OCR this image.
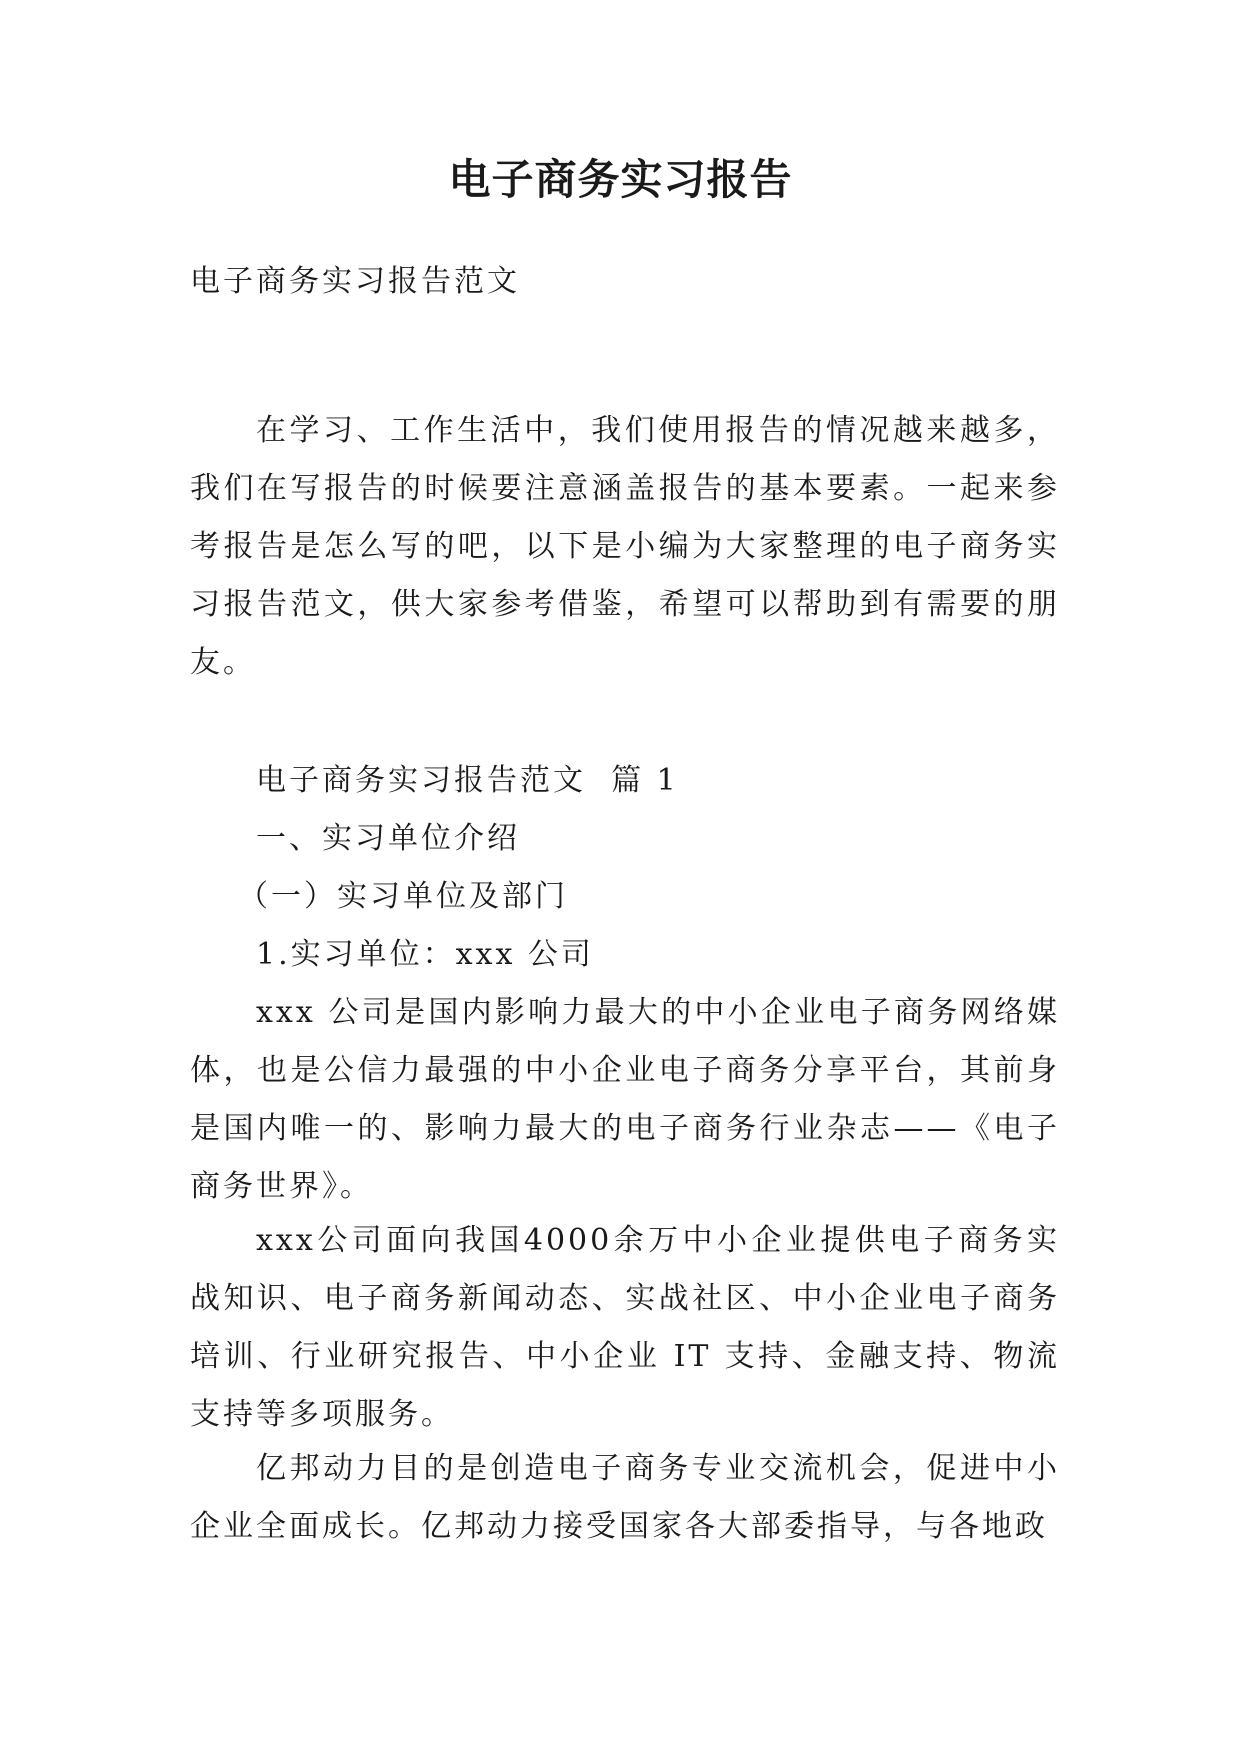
电子商务实习报告

电子商务实习报告范文

在学习、工作生活中，我们使用报告的情况越来越多，我们在写报告的时候要注意涵盖报告的基本要素。一起来参考报告是怎么写的吧，以下是小编为大家整理的电子商务实习报告范文，供大家参考借鉴，希望可以帮助到有需要的朋友。

电子商务实习报告范文  篇 1

一、实习单位介绍

（一）实习单位及部门

1.实习单位：xxx 公司

xxx 公司是国内影响力最大的中小企业电子商务网络媒体，也是公信力最强的中小企业电子商务分享平台，其前身是国内唯一的、影响力最大的电子商务行业杂志——《电子商务世界》。

xxx公司面向我国4000余万中小企业提供电子商务实战知识、电子商务新闻动态、实战社区、中小企业电子商务培训、行业研究报告、中小企业 IT 支持、金融支持、物流支持等多项服务。

亿邦动力目的是创造电子商务专业交流机会，促进中小企业全面成长。亿邦动力接受国家各大部委指导，与各地政
